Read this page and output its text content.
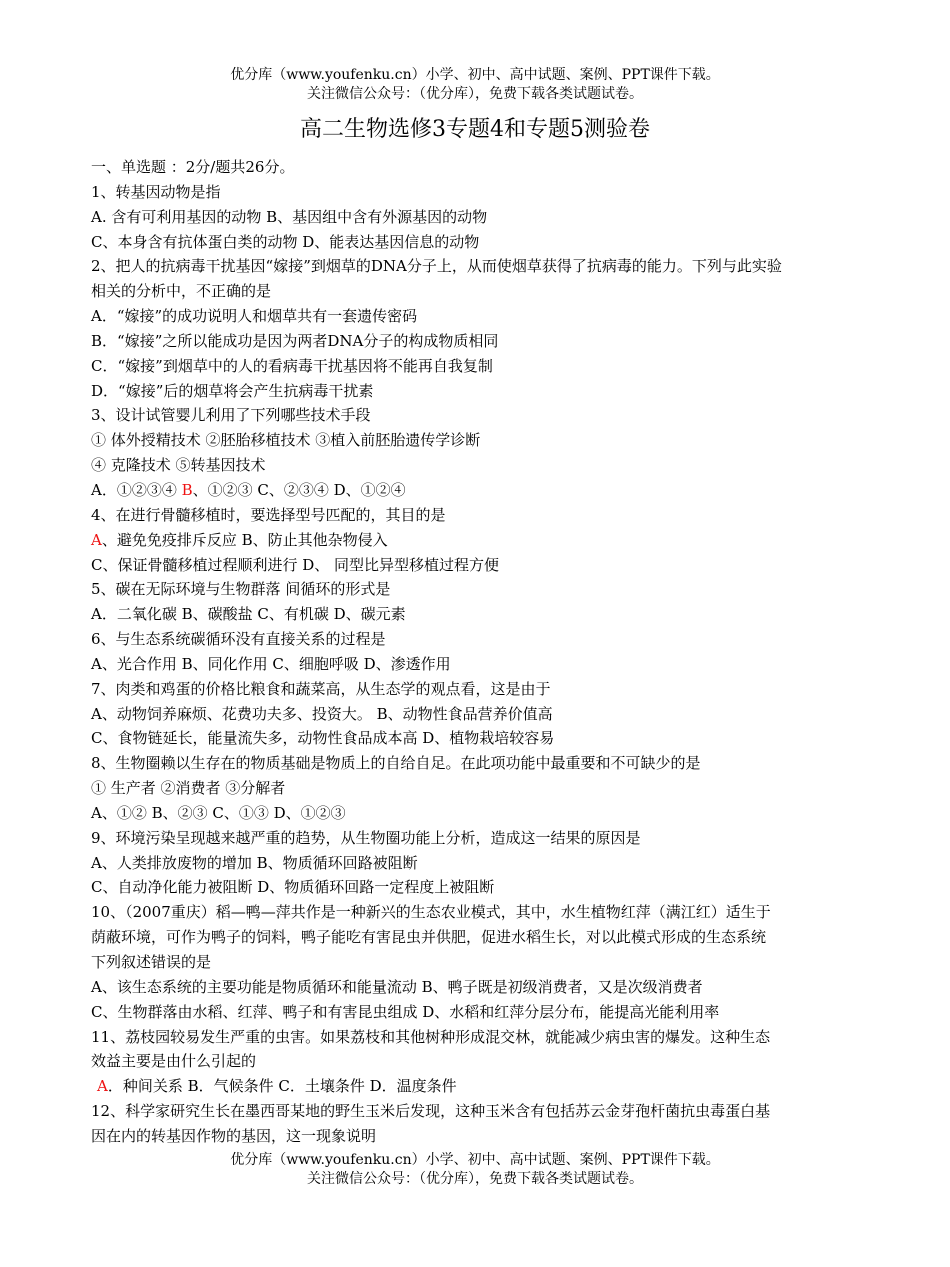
优分库（www.youfenku.cn）小学、初中、高中试题、案例、PPT课件下载。
关注微信公众号：（优分库），免费下载各类试题试卷。
高二生物选修3专题4和专题5测验卷
一、单选题 ：2分/题共26分。
1、转基因动物是指
A. 含有可利用基因的动物 B、基因组中含有外源基因的动物
C、本身含有抗体蛋白类的动物 D、能表达基因信息的动物
2、把人的抗病毒干扰基因“嫁接”到烟草的DNA分子上，从而使烟草获得了抗病毒的能力。下列与此实验
相关的分析中，不正确的是
A．“嫁接”的成功说明人和烟草共有一套遗传密码
B．“嫁接”之所以能成功是因为两者DNA分子的构成物质相同
C．“嫁接”到烟草中的人的看病毒干扰基因将不能再自我复制
D．“嫁接”后的烟草将会产生抗病毒干扰素
3、设计试管婴儿利用了下列哪些技术手段
① 体外授精技术 ②胚胎移植技术 ③植入前胚胎遗传学诊断
④ 克隆技术 ⑤转基因技术
A．①②③④ B、①②③ C、②③④ D、①②④
4、在进行骨髓移植时，要选择型号匹配的，其目的是
A、避免免疫排斥反应 B、防止其他杂物侵入
C、保证骨髓移植过程顺利进行 D、 同型比异型移植过程方便
5、碳在无际环境与生物群落 间循环的形式是
A．二氧化碳 B、碳酸盐 C、有机碳 D、碳元素
6、与生态系统碳循环没有直接关系的过程是
A、光合作用 B、同化作用 C、细胞呼吸 D、渗透作用
7、肉类和鸡蛋的价格比粮食和蔬菜高，从生态学的观点看，这是由于
A、动物饲养麻烦、花费功夫多、投资大。 B、动物性食品营养价值高
C、食物链延长，能量流失多，动物性食品成本高 D、植物栽培较容易
8、生物圈赖以生存在的物质基础是物质上的自给自足。在此项功能中最重要和不可缺少的是
① 生产者 ②消费者 ③分解者
A、①② B、②③ C、①③ D、①②③
9、环境污染呈现越来越严重的趋势，从生物圈功能上分析，造成这一结果的原因是
A、人类排放废物的增加 B、物质循环回路被阻断
C、自动净化能力被阻断 D、物质循环回路一定程度上被阻断
10、（2007重庆）稻—鸭—萍共作是一种新兴的生态农业模式，其中，水生植物红萍（满江红）适生于
荫蔽环境，可作为鸭子的饲料，鸭子能吃有害昆虫并供肥，促进水稻生长，对以此模式形成的生态系统
下列叙述错误的是
A、该生态系统的主要功能是物质循环和能量流动 B、鸭子既是初级消费者，又是次级消费者
C、生物群落由水稻、红萍、鸭子和有害昆虫组成 D、水稻和红萍分层分布，能提高光能利用率
11、荔枝园较易发生严重的虫害。如果荔枝和其他树种形成混交林，就能减少病虫害的爆发。这种生态
效益主要是由什么引起的
A．种间关系 B．气候条件 C．土壤条件 D．温度条件
12、科学家研究生长在墨西哥某地的野生玉米后发现，这种玉米含有包括苏云金芽孢杆菌抗虫毒蛋白基
因在内的转基因作物的基因，这一现象说明
优分库（www.youfenku.cn）小学、初中、高中试题、案例、PPT课件下载。
关注微信公众号：（优分库），免费下载各类试题试卷。
